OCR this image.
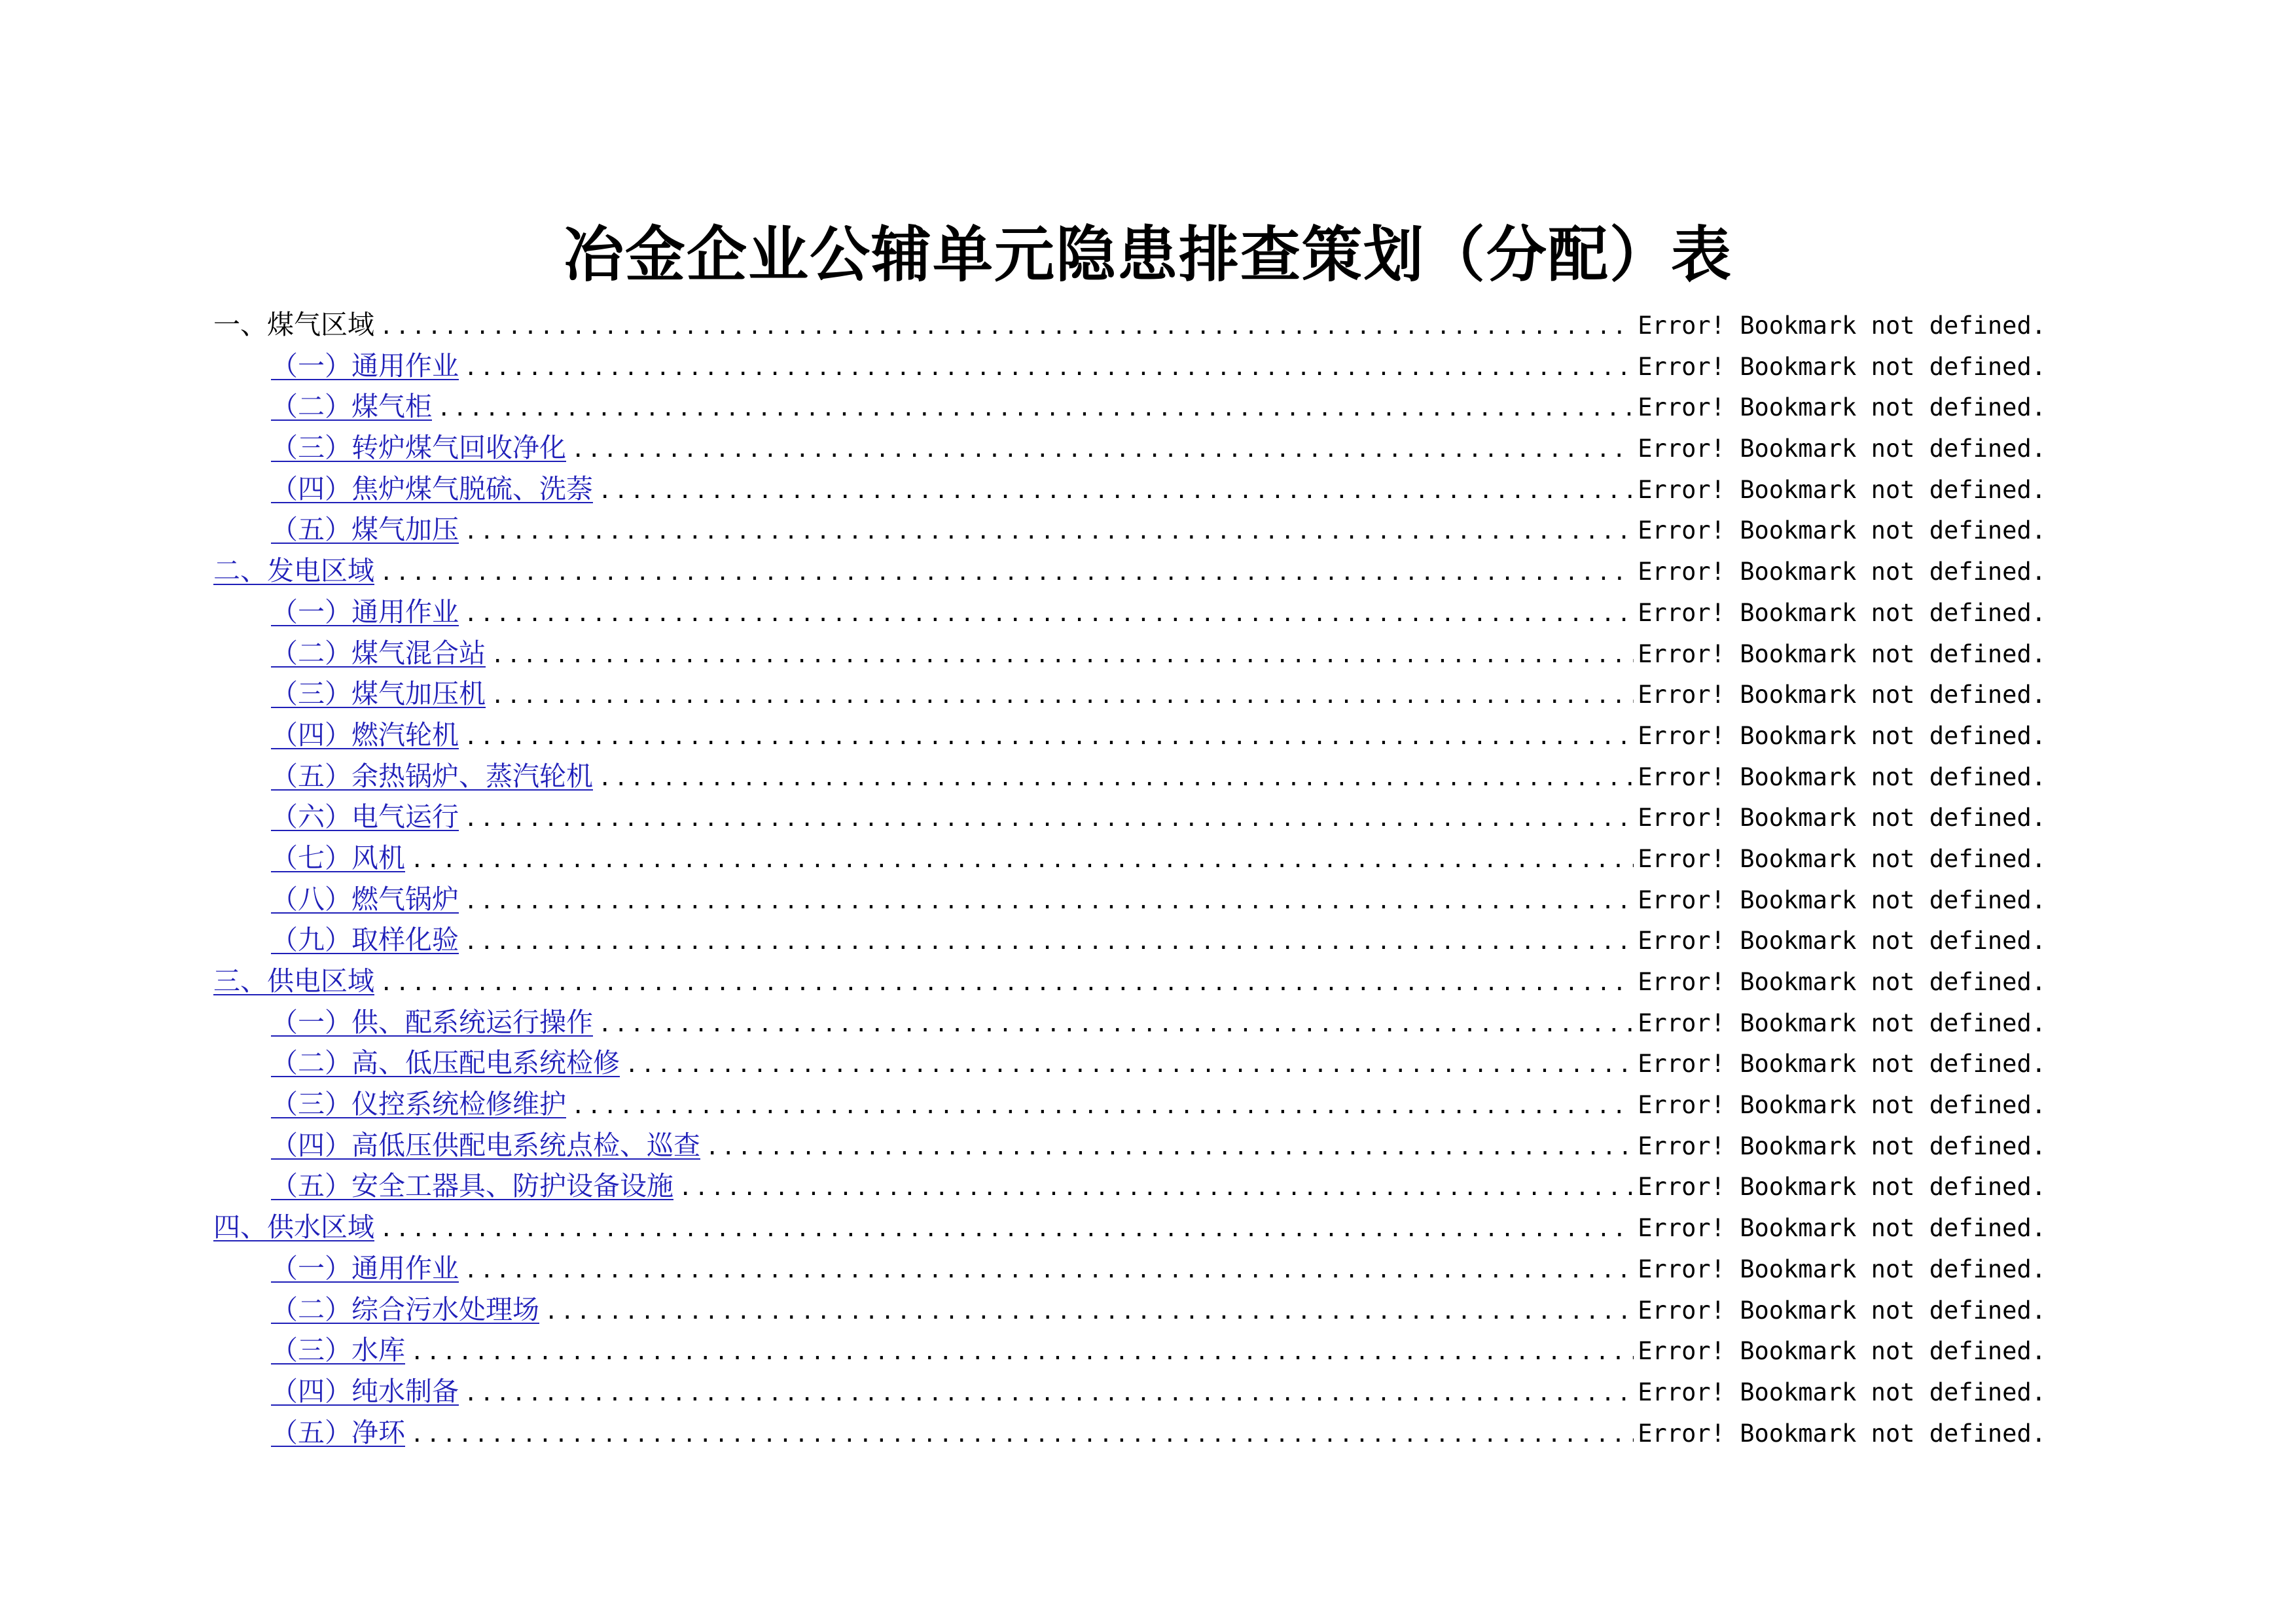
冶金企业公辅单元隐患排查策划（分配）表
一、煤气区域 .....	Error! Bookmark not defined.
（一）通用作业 .....	Error! Bookmark not defined.
（二）煤气柜 .....	Error! Bookmark not defined.
（三）转炉煤气回收净化 .....	Error! Bookmark not defined.
（四）焦炉煤气脱硫、洗萘 .....	Error! Bookmark not defined.
（五）煤气加压 .....	Error! Bookmark not defined.
二、发电区域 .....	Error! Bookmark not defined.
（一）通用作业 .....	Error! Bookmark not defined.
（二）煤气混合站 .....	Error! Bookmark not defined.
（三）煤气加压机 .....	Error! Bookmark not defined.
（四）燃汽轮机 .....	Error! Bookmark not defined.
（五）余热锅炉、蒸汽轮机 .....	Error! Bookmark not defined.
（六）电气运行 .....	Error! Bookmark not defined.
（七）风机 .....	Error! Bookmark not defined.
（八）燃气锅炉 .....	Error! Bookmark not defined.
（九）取样化验 .....	Error! Bookmark not defined.
三、供电区域 .....	Error! Bookmark not defined.
（一）供、配系统运行操作 .....	Error! Bookmark not defined.
（二）高、低压配电系统检修 .....	Error! Bookmark not defined.
（三）仪控系统检修维护 .....	Error! Bookmark not defined.
（四）高低压供配电系统点检、巡查 .....	Error! Bookmark not defined.
（五）安全工器具、防护设备设施 .....	Error! Bookmark not defined.
四、供水区域 .....	Error! Bookmark not defined.
（一）通用作业 .....	Error! Bookmark not defined.
（二）综合污水处理场 .....	Error! Bookmark not defined.
（三）水库 .....	Error! Bookmark not defined.
（四）纯水制备 .....	Error! Bookmark not defined.
（五）净环 .....	Error! Bookmark not defined.
